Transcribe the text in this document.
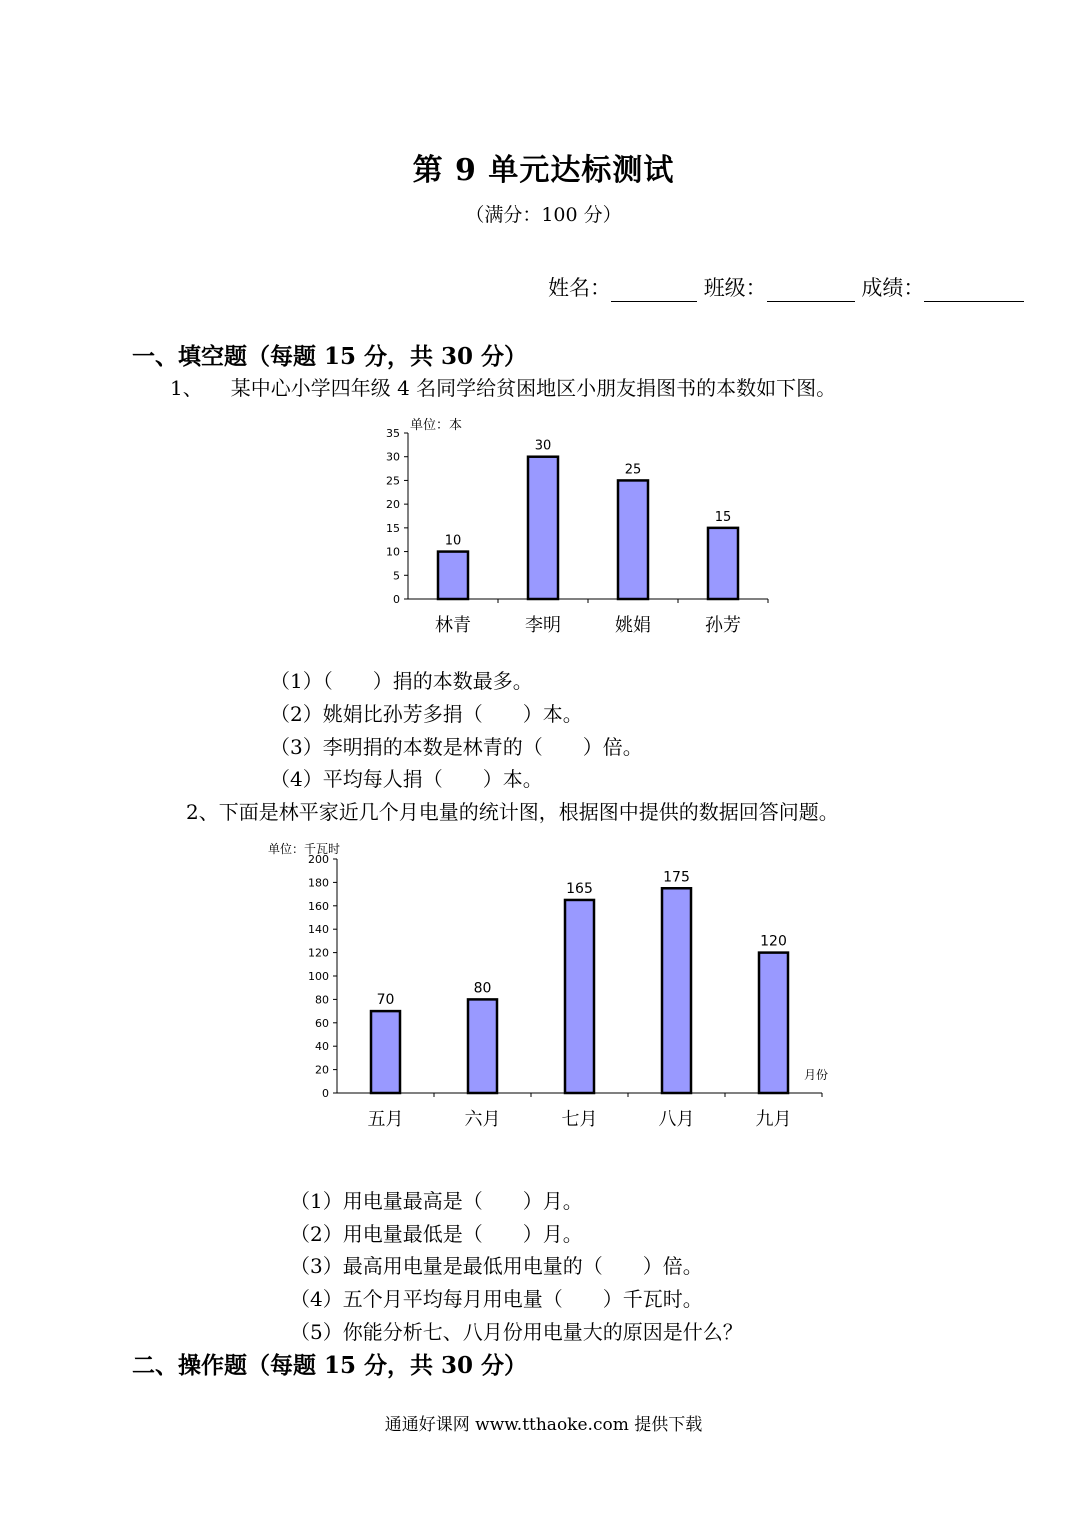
第 9 单元达标测试
（满分：100 分）
姓名：	班级：	成绩：
一、填空题（每题 15 分，共 30 分）
1、 某中心小学四年级 4 名同学给贫困地区小朋友捐图书的本数如下图。
单位：本
0
5
10
15
20
25
30
35
10
林青
30
李明
25
姚娟
15
孙芳
（1）（　　）捐的本数最多。
（2）姚娟比孙芳多捐（　　）本。
（3）李明捐的本数是林青的（　　）倍。
（4）平均每人捐（　　）本。
2、下面是林平家近几个月电量的统计图，根据图中提供的数据回答问题。
单位：千瓦时
0
20
40
60
80
100
120
140
160
180
200
70
五月
80
六月
165
七月
175
八月
120
九月
月份
（1）用电量最高是（　　）月。
（2）用电量最低是（　　）月。
（3）最高用电量是最低用电量的（　　）倍。
（4）五个月平均每月用电量（　　）千瓦时。
（5）你能分析七、八月份用电量大的原因是什么？
二、操作题（每题 15 分，共 30 分）
通通好课网 www.tthaoke.com 提供下载
